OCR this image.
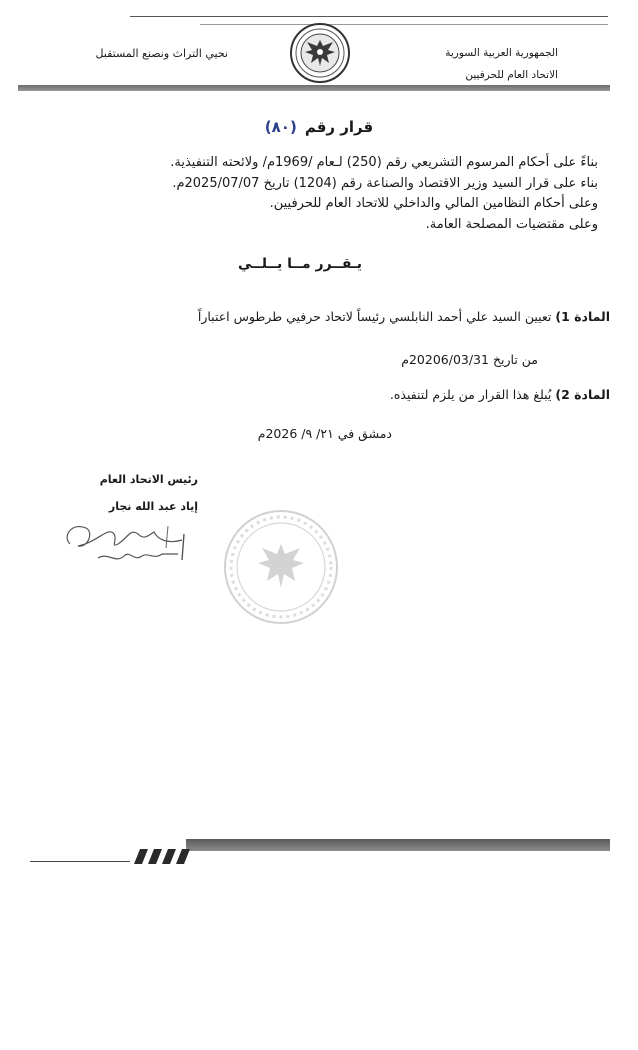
نحيي التراث ونصنع المستقبل	الجمهورية العربية السورية
الاتحاد العام للحرفيين
قرار رقم(٨٠)
بناءً على أحكام المرسوم التشريعي رقم (250) لـعام /1969م/ ولائحته التنفيذية.
بناء على قرار السيد وزير الاقتصاد والصناعة رقم (1204) تاريخ 2025/07/07م.
وعلى أحكام النظامين المالي والداخلي للاتحاد العام للحرفيين.
وعلى مقتضيات المصلحة العامة.
يـقــرر مــا يــلــي
المادة 1) تعيين السيد علي أحمد النابلسي رئيساً لاتحاد حرفيي طرطوس اعتباراً
من تاريخ 20206/03/31م
المادة 2) يُبلغ هذا القرار من يلزم لتنفيذه.
دمشق في ٢١/ ٩/ 2026م
رئيس الاتحاد العام
إياد عبد الله نجار
